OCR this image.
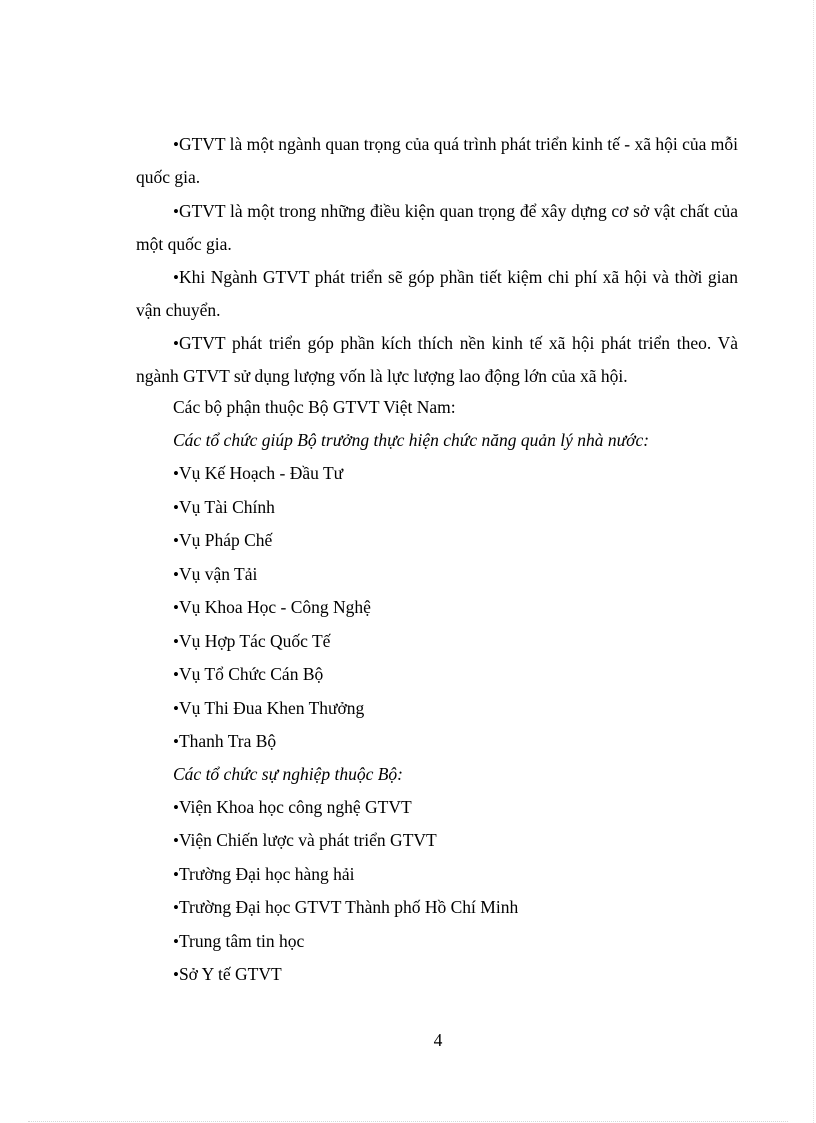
• GTVT là một ngành quan trọng của quá trình phát triển kinh tế - xã hội của mỗi quốc gia.

• GTVT là một trong những điều kiện quan trọng để xây dựng cơ sở vật chất của một quốc gia.

• Khi Ngành GTVT phát triển sẽ góp phần tiết kiệm chi phí xã hội và thời gian vận chuyển.

• GTVT phát triển góp phần kích thích nền kinh tế xã hội phát triển theo. Và ngành GTVT sử dụng lượng vốn là lực lượng lao động lớn của xã hội.

Các bộ phận thuộc Bộ GTVT Việt Nam:

Các tổ chức giúp Bộ trưởng thực hiện chức năng quản lý nhà nước:

• Vụ Kế Hoạch - Đầu Tư

• Vụ Tài Chính

• Vụ Pháp Chế

• Vụ vận Tải

• Vụ Khoa Học - Công Nghệ

• Vụ Hợp Tác Quốc Tế

• Vụ Tổ Chức Cán Bộ

• Vụ Thi Đua Khen Thưởng

• Thanh Tra Bộ

Các tổ chức sự nghiệp thuộc Bộ:

• Viện Khoa học công nghệ GTVT

• Viện Chiến lược và phát triển GTVT

• Trường Đại học hàng hải

• Trường Đại học GTVT Thành phố Hồ Chí Minh

• Trung tâm tin học

• Sở Y tế GTVT

4
